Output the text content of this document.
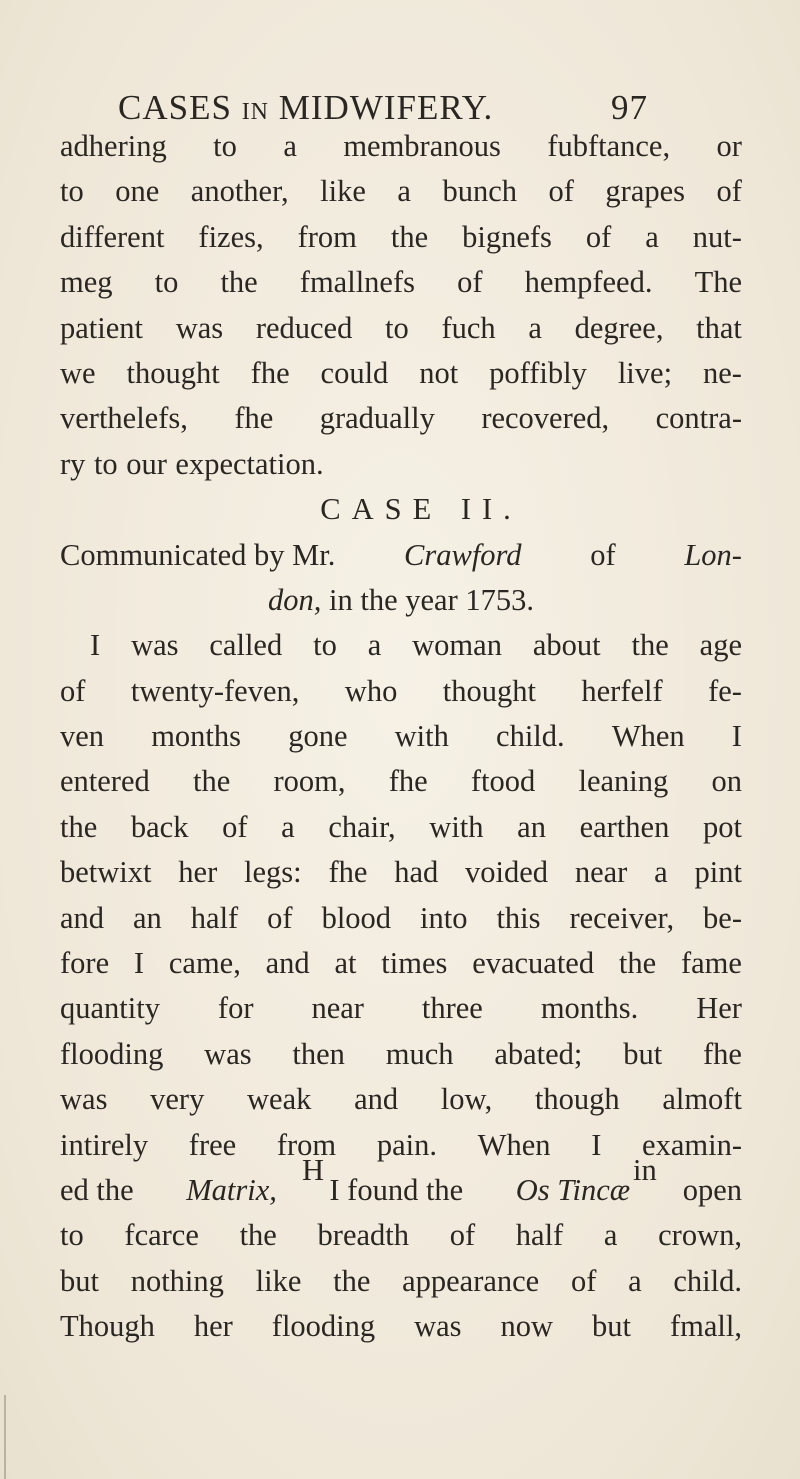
CASES IN MIDWIFERY.	97
adhering to a membranous fubftance, or
to one another, like a bunch of grapes of
different fizes, from the bignefs of a nut-
meg to the fmallnefs of hempfeed. The
patient was reduced to fuch a degree, that
we thought fhe could not poffibly live; ne-
verthelefs, fhe gradually recovered, contra-
ry to our expectation.
CASE II.
Communicated by Mr. Crawford of Lon-
don, in the year 1753.
I was called to a woman about the age
of twenty-feven, who thought herfelf fe-
ven months gone with child. When I
entered the room, fhe ftood leaning on
the back of a chair, with an earthen pot
betwixt her legs: fhe had voided near a pint
and an half of blood into this receiver, be-
fore I came, and at times evacuated the fame
quantity for near three months. Her
flooding was then much abated; but fhe
was very weak and low, though almoft
intirely free from pain. When I examin-
ed the Matrix, I found the Os Tincæ open
to fcarce the breadth of half a crown,
but nothing like the appearance of a child.
Though her flooding was now but fmall,
H	in
